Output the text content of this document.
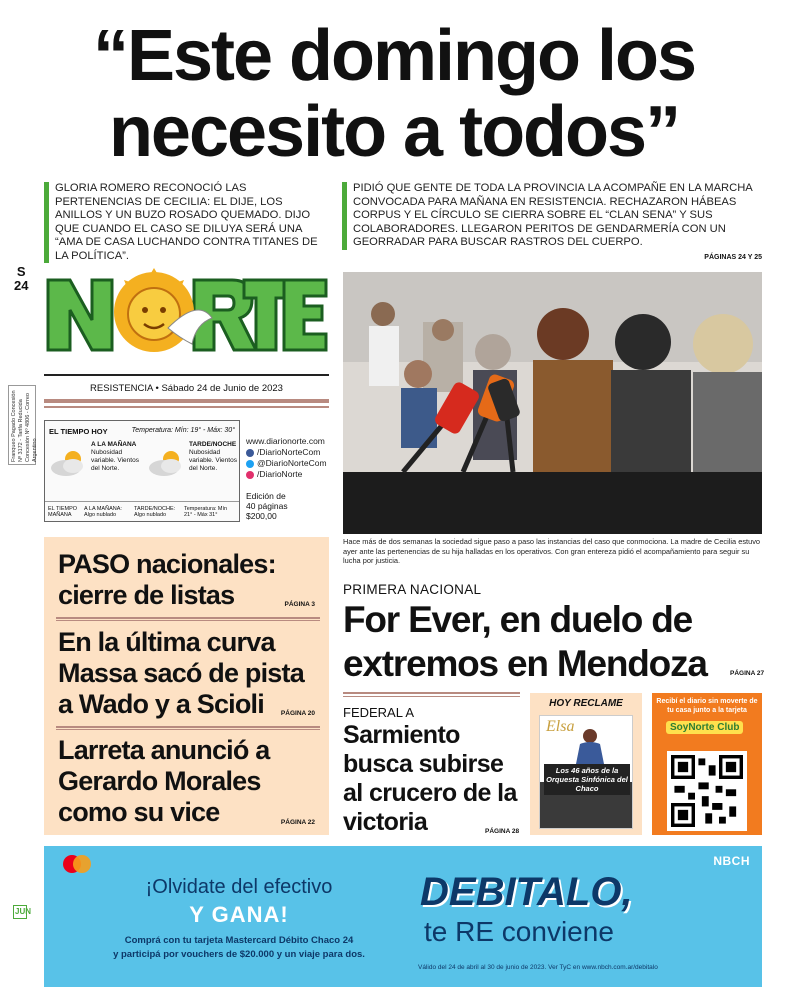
“Este domingo los necesito a todos”
GLORIA ROMERO RECONOCIÓ LAS PERTENENCIAS DE CECILIA: EL DIJE, LOS ANILLOS Y UN BUZO ROSADO QUEMADO. DIJO QUE CUANDO EL CASO SE DILUYA SERÁ UNA “AMA DE CASA LUCHANDO CONTRA TITANES DE LA POLÍTICA”.
PIDIÓ QUE GENTE DE TODA LA PROVINCIA LA ACOMPAÑE EN LA MARCHA CONVOCADA PARA MAÑANA EN RESISTENCIA. RECHAZARON HÁBEAS CORPUS Y EL CÍRCULO SE CIERRA SOBRE EL “CLAN SENA” Y SUS COLABORADORES. LLEGARON PERITOS DE GENDARMERÍA CON UN GEORRADAR PARA BUSCAR RASTROS DEL CUERPO.
PÁGINAS 24 Y 25
S
24
Franqueo Pagado Concesión Nº 3172 - Tarifa Reducida Concesión Nº 4806 - Correo Argentino
RESISTENCIA • Sábado 24 de Junio de 2023
EL TIEMPO HOY	Temperatura: Mín: 19° - Máx: 30°
A LA MAÑANA
Nubosidad variable. Vientos del Norte.
TARDE/NOCHE
Nubosidad variable. Vientos del Norte.
EL TIEMPO MAÑANA
A LA MAÑANA: Algo nublado
TARDE/NOCHE: Algo nublado
Temperatura: Mín 21° - Máx 31°
www.diarionorte.com
/DiarioNorteCom
@DiarioNorteCom
/DiarioNorte
Edición de
40 páginas
$200,00
Hace más de dos semanas la sociedad sigue paso a paso las instancias del caso que conmociona. La madre de Cecilia estuvo ayer ante las pertenencias de su hija halladas en los operativos. Con gran entereza pidió el acompañamiento para seguir su lucha por justicia.
PASO nacionales: cierre de listas	PÁGINA 3
En la última curva Massa sacó de pista a Wado y a Scioli	PÁGINA 20
Larreta anunció a Gerardo Morales como su vice	PÁGINA 22
PRIMERA NACIONAL
For Ever, en duelo de extremos en Mendoza	PÁGINA 27
FEDERAL A
Sarmiento busca subirse al crucero de la victoria	PÁGINA 28
HOY RECLAME
Elsa
Los 46 años de la Orquesta Sinfónica del Chaco
Recibí el diario sin moverte de tu casa junto a la tarjeta
SoyNorte Club
NBCH
¡Olvidate del efectivo
Y GANA!
Comprá con tu tarjeta Mastercard Débito Chaco 24
y participá por vouchers de $20.000 y un viaje para dos.
DEBITALO,
te RE conviene
Válido del 24 de abril al 30 de junio de 2023. Ver TyC en www.nbch.com.ar/debitalo
JUN
